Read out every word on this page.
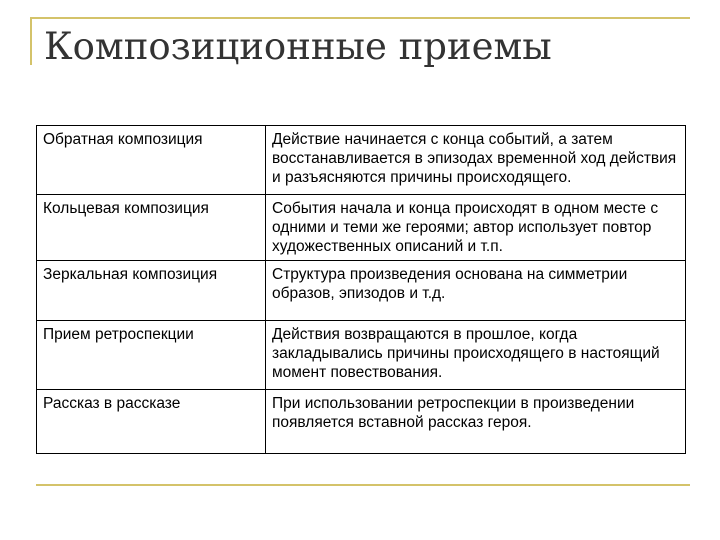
Композиционные приемы
Обратная композиция	Действие начинается с конца событий, а затем восстанавливается в эпизодах временной ход действия и разъясняются причины происходящего.
Кольцевая композиция	События начала и конца происходят в одном месте с одними и теми же героями; автор использует повтор художественных описаний и т.п.
Зеркальная композиция	Структура произведения основана на симметрии образов, эпизодов и т.д.
Прием ретроспекции	Действия возвращаются в прошлое, когда закладывались причины происходящего в настоящий момент повествования.
Рассказ в рассказе	При использовании ретроспекции в произведении появляется вставной рассказ героя.
